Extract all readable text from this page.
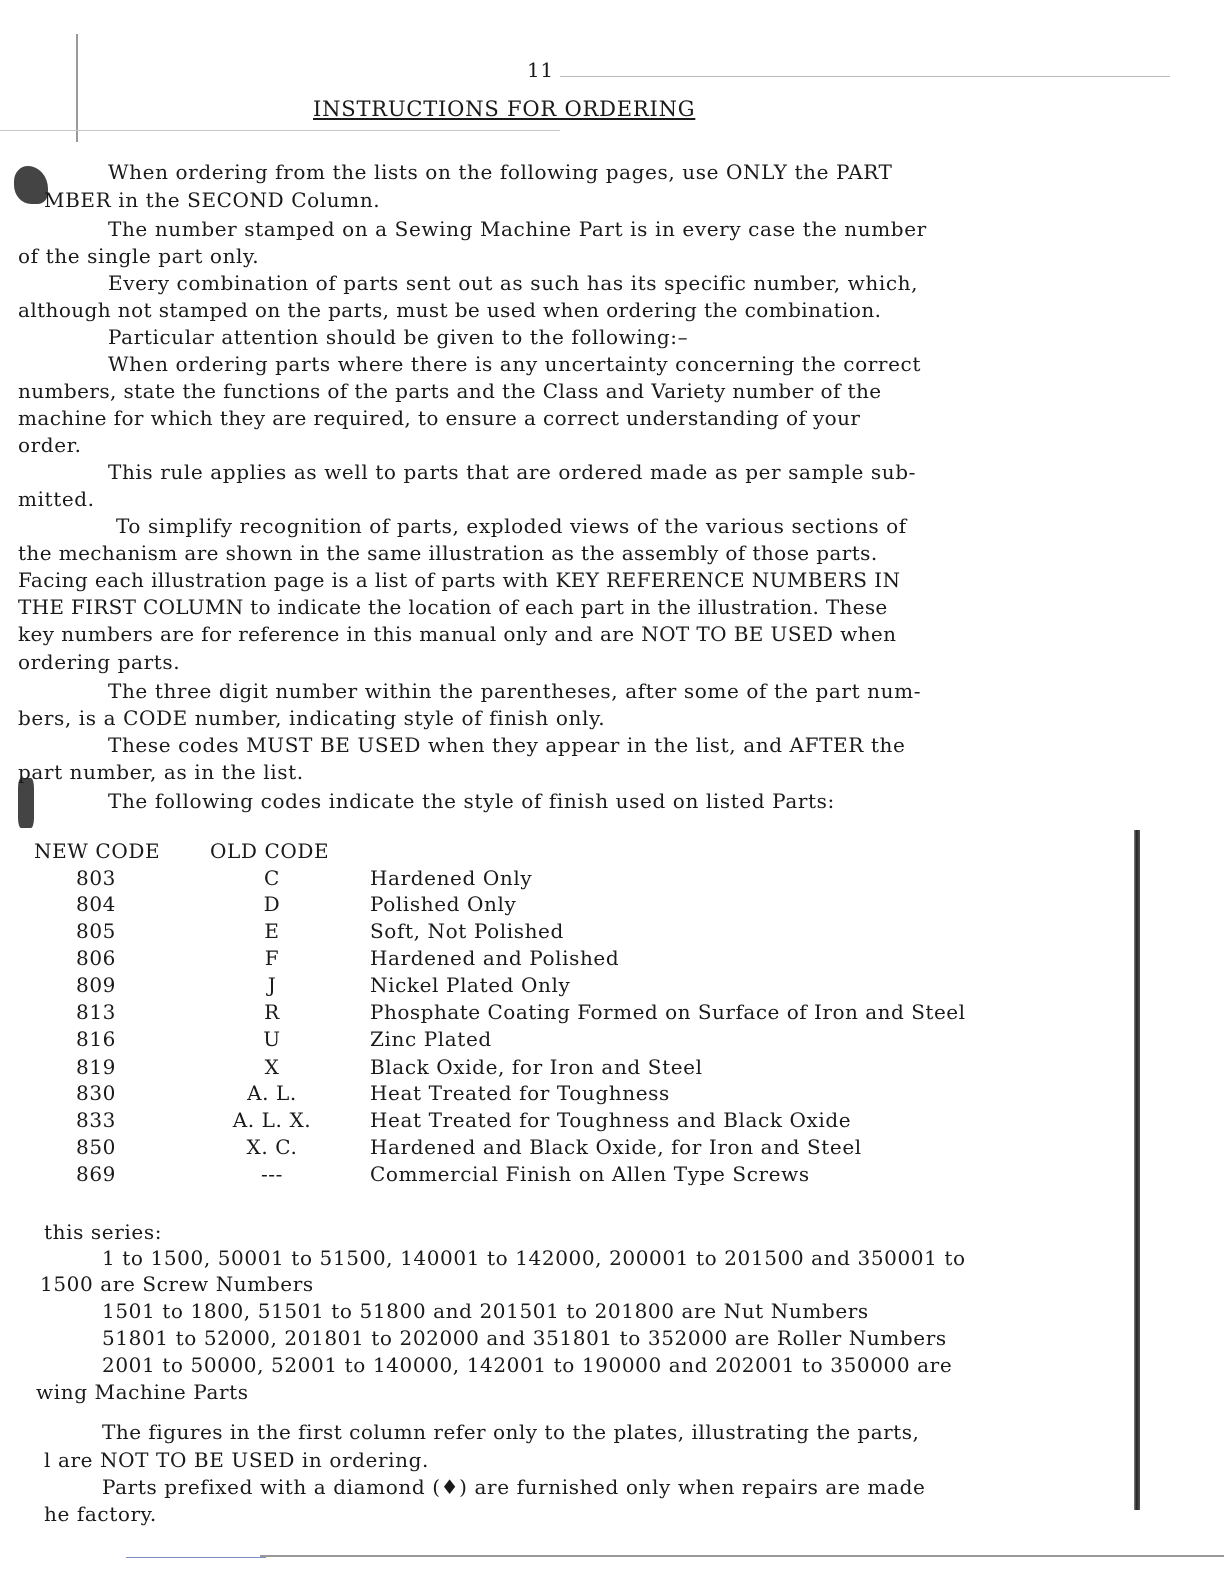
11
INSTRUCTIONS FOR ORDERING
When ordering from the lists on the following pages, use ONLY the PART
MBER in the SECOND Column.
The number stamped on a Sewing Machine Part is in every case the number
of the single part only.
Every combination of parts sent out as such has its specific number, which,
although not stamped on the parts, must be used when ordering the combination.
Particular attention should be given to the following:–
When ordering parts where there is any uncertainty concerning the correct
numbers, state the functions of the parts and the Class and Variety number of the
machine for which they are required, to ensure a correct understanding of your
order.
This rule applies as well to parts that are ordered made as per sample sub-
mitted.
To simplify recognition of parts, exploded views of the various sections of
the mechanism are shown in the same illustration as the assembly of those parts.
Facing each illustration page is a list of parts with KEY REFERENCE NUMBERS IN
THE FIRST COLUMN to indicate the location of each part in the illustration. These
key numbers are for reference in this manual only and are NOT TO BE USED when
ordering parts.
The three digit number within the parentheses, after some of the part num-
bers, is a CODE number, indicating style of finish only.
These codes MUST BE USED when they appear in the list, and AFTER the
part number, as in the list.
The following codes indicate the style of finish used on listed Parts:
NEW CODE OLD CODE
803	C	Hardened Only
804	D	Polished Only
805	E	Soft, Not Polished
806	F	Hardened and Polished
809	J	Nickel Plated Only
813	R	Phosphate Coating Formed on Surface of Iron and Steel
816	U	Zinc Plated
819	X	Black Oxide, for Iron and Steel
830	A. L.	Heat Treated for Toughness
833	A. L. X.	Heat Treated for Toughness and Black Oxide
850	X. C.	Hardened and Black Oxide, for Iron and Steel
869	---	Commercial Finish on Allen Type Screws
this series:
1 to 1500, 50001 to 51500, 140001 to 142000, 200001 to 201500 and 350001 to
1500 are Screw Numbers
1501 to 1800, 51501 to 51800 and 201501 to 201800 are Nut Numbers
51801 to 52000, 201801 to 202000 and 351801 to 352000 are Roller Numbers
2001 to 50000, 52001 to 140000, 142001 to 190000 and 202001 to 350000 are
wing Machine Parts
The figures in the first column refer only to the plates, illustrating the parts,
l are NOT TO BE USED in ordering.
Parts prefixed with a diamond (♦) are furnished only when repairs are made
he factory.
